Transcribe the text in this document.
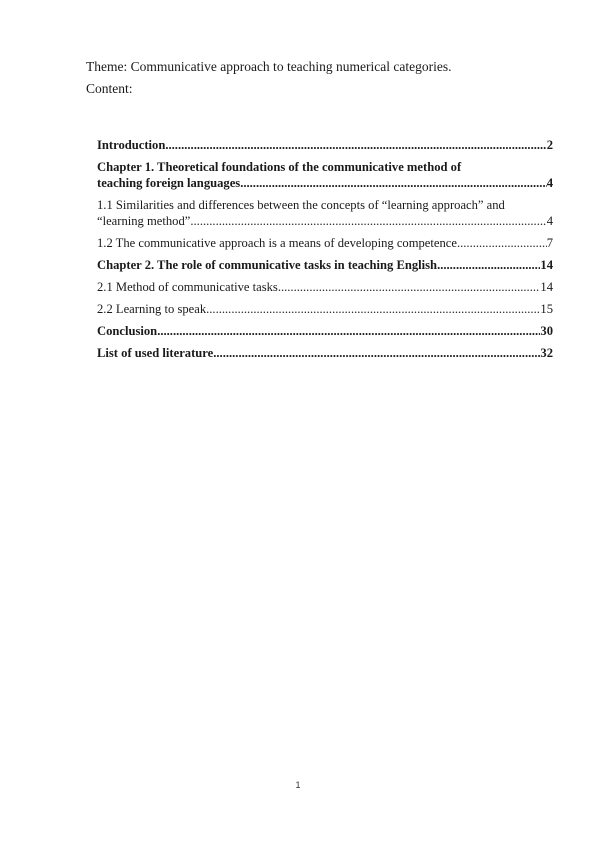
Theme: Communicative approach to teaching numerical categories.
Content:
Introduction .....	2
Chapter 1. Theoretical foundations of the communicative method of
teaching foreign languages .....	4
1.1 Similarities and differences between the concepts of “learning approach” and
“learning method” .....	4
1.2 The communicative approach is a means of developing competence .....	7
Chapter 2. The role of communicative tasks in teaching English .....	14
2.1 Method of communicative tasks .....	14
2.2 Learning to speak .....	15
Conclusion .....	30
List of used literature .....	32
1
